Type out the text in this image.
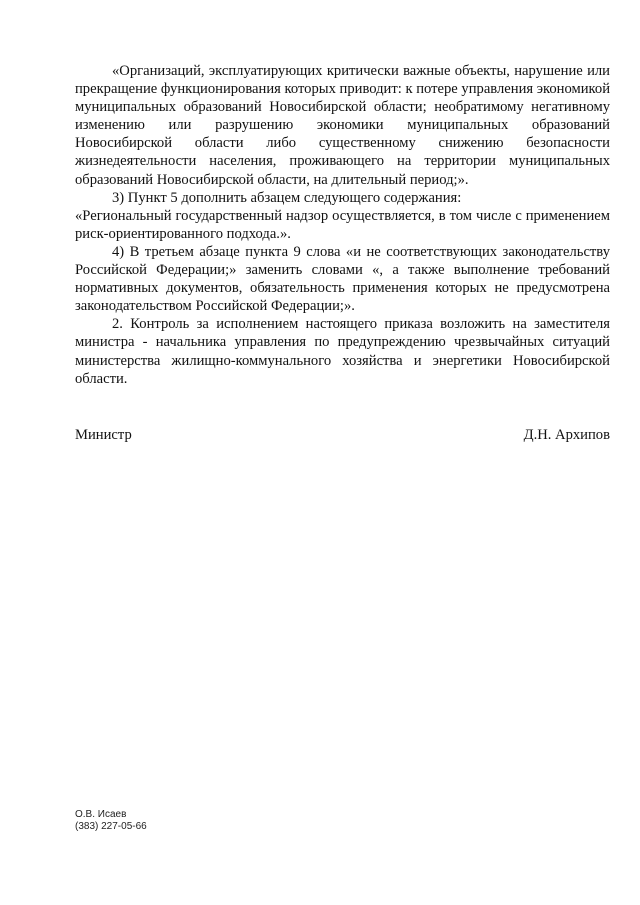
«Организаций, эксплуатирующих критически важные объекты, нарушение или прекращение функционирования которых приводит: к потере управления экономикой муниципальных образований Новосибирской области; необратимому негативному изменению или разрушению экономики муниципальных образований Новосибирской области либо существенному снижению безопасности жизнедеятельности населения, проживающего на территории муниципальных образований Новосибирской области, на длительный период;».

3) Пункт 5 дополнить абзацем следующего содержания:

«Региональный государственный надзор осуществляется, в том числе с применением риск-ориентированного подхода.».

4) В третьем абзаце пункта 9 слова «и не соответствующих законодательству Российской Федерации;» заменить словами «, а также выполнение требований нормативных документов, обязательность применения которых не предусмотрена законодательством Российской Федерации;».

2. Контроль за исполнением настоящего приказа возложить на заместителя министра - начальника управления по предупреждению чрезвычайных ситуаций министерства жилищно-коммунального хозяйства и энергетики Новосибирской области.

Министр	Д.Н. Архипов
О.В. Исаев
(383) 227-05-66
